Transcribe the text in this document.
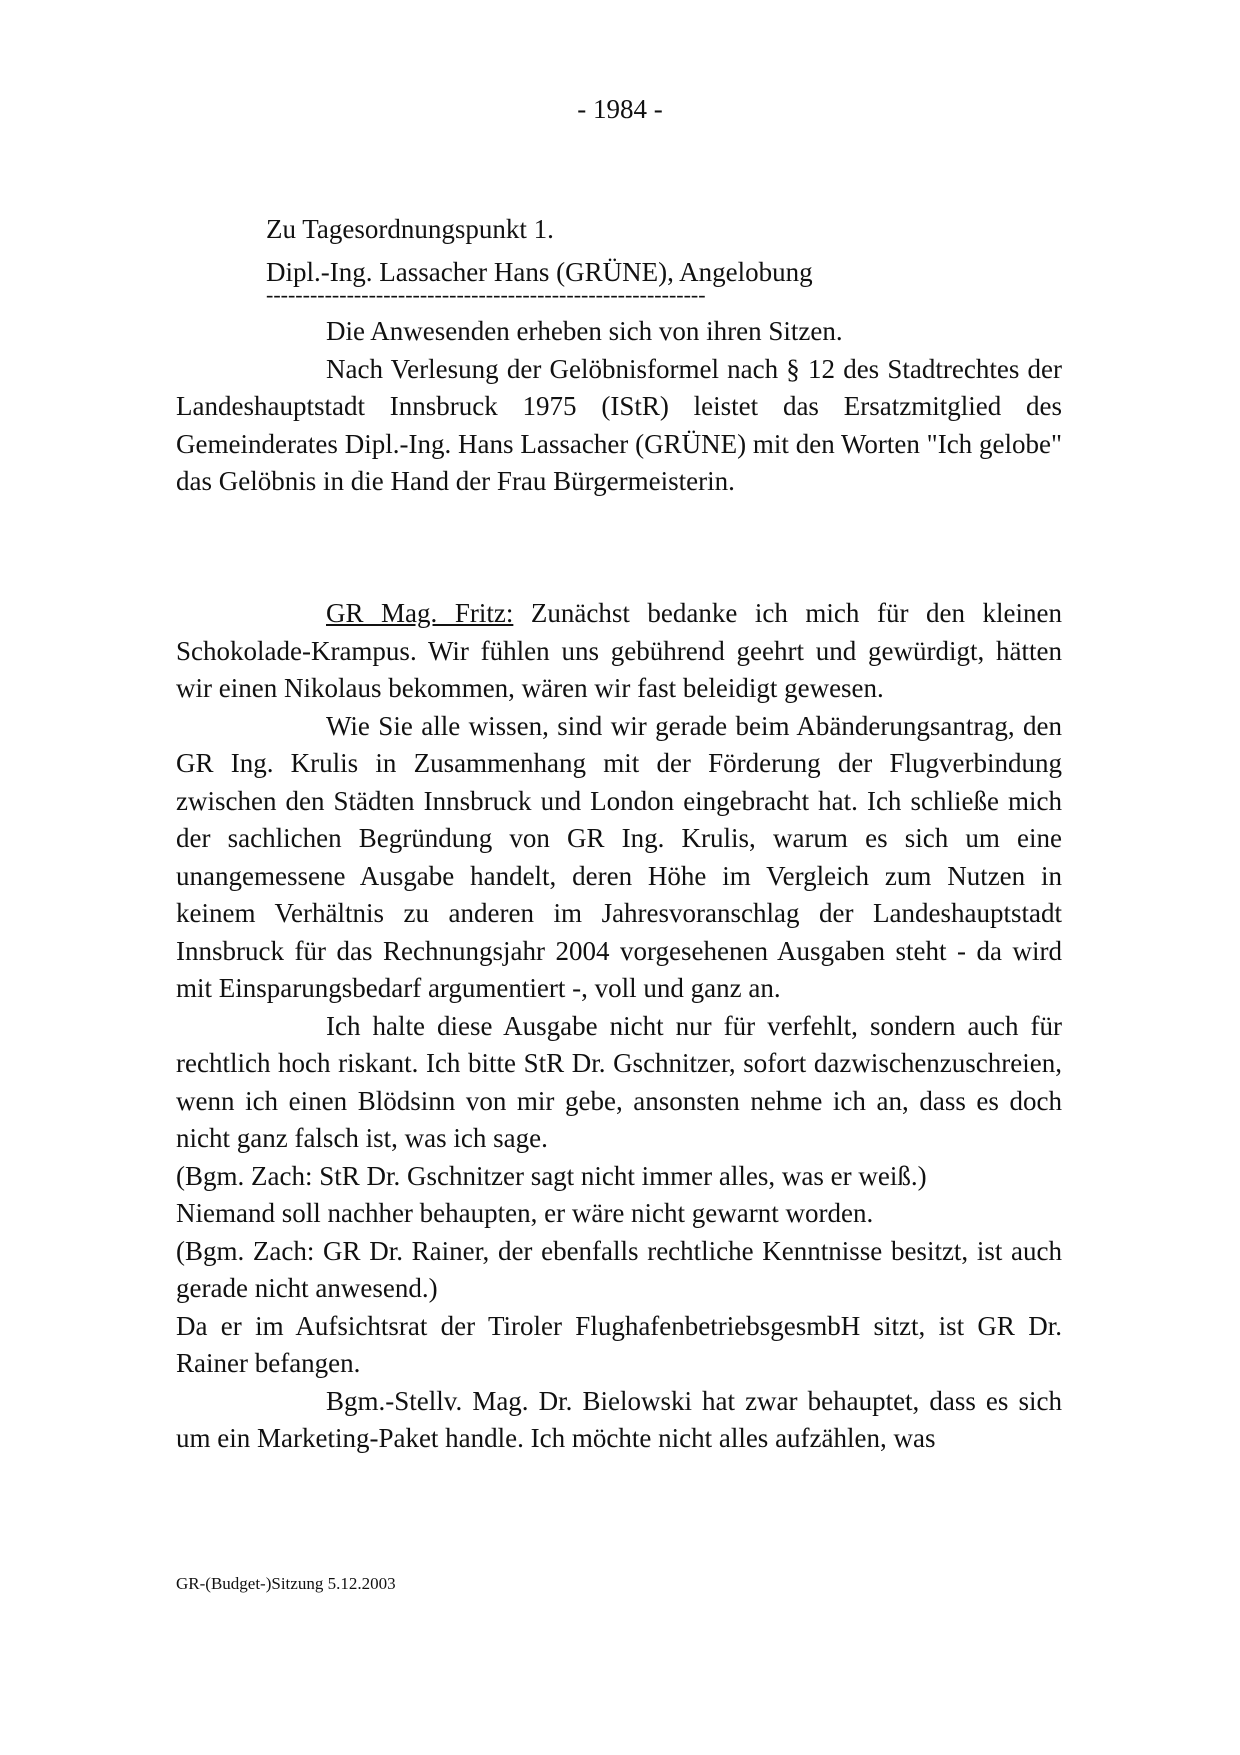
- 1984 -
Zu Tagesordnungspunkt 1.
Dipl.-Ing. Lassacher Hans (GRÜNE), Angelobung
------------------------------------------------------------

Die Anwesenden erheben sich von ihren Sitzen.

Nach Verlesung der Gelöbnisformel nach § 12 des Stadtrechtes der Landeshauptstadt Innsbruck 1975 (IStR) leistet das Ersatzmitglied des Gemeinderates Dipl.-Ing. Hans Lassacher (GRÜNE) mit den Worten "Ich gelobe" das Gelöbnis in die Hand der Frau Bürgermeisterin.

GR Mag. Fritz: Zunächst bedanke ich mich für den kleinen Schokolade-Krampus. Wir fühlen uns gebührend geehrt und gewürdigt, hätten wir einen Nikolaus bekommen, wären wir fast beleidigt gewesen.

Wie Sie alle wissen, sind wir gerade beim Abänderungsantrag, den GR Ing. Krulis in Zusammenhang mit der Förderung der Flugverbindung zwischen den Städten Innsbruck und London eingebracht hat. Ich schließe mich der sachlichen Begründung von GR Ing. Krulis, warum es sich um eine unangemessene Ausgabe handelt, deren Höhe im Vergleich zum Nutzen in keinem Verhältnis zu anderen im Jahresvoranschlag der Landeshauptstadt Innsbruck für das Rechnungsjahr 2004 vorgesehenen Ausgaben steht - da wird mit Einsparungsbedarf argumentiert -, voll und ganz an.

Ich halte diese Ausgabe nicht nur für verfehlt, sondern auch für rechtlich hoch riskant. Ich bitte StR Dr. Gschnitzer, sofort dazwischenzuschreien, wenn ich einen Blödsinn von mir gebe, ansonsten nehme ich an, dass es doch nicht ganz falsch ist, was ich sage.

(Bgm. Zach: StR Dr. Gschnitzer sagt nicht immer alles, was er weiß.)

Niemand soll nachher behaupten, er wäre nicht gewarnt worden.

(Bgm. Zach: GR Dr. Rainer, der ebenfalls rechtliche Kenntnisse besitzt, ist auch gerade nicht anwesend.)

Da er im Aufsichtsrat der Tiroler FlughafenbetriebsgesmbH sitzt, ist GR Dr. Rainer befangen.

Bgm.-Stellv. Mag. Dr. Bielowski hat zwar behauptet, dass es sich um ein Marketing-Paket handle. Ich möchte nicht alles aufzählen, was

GR-(Budget-)Sitzung 5.12.2003
